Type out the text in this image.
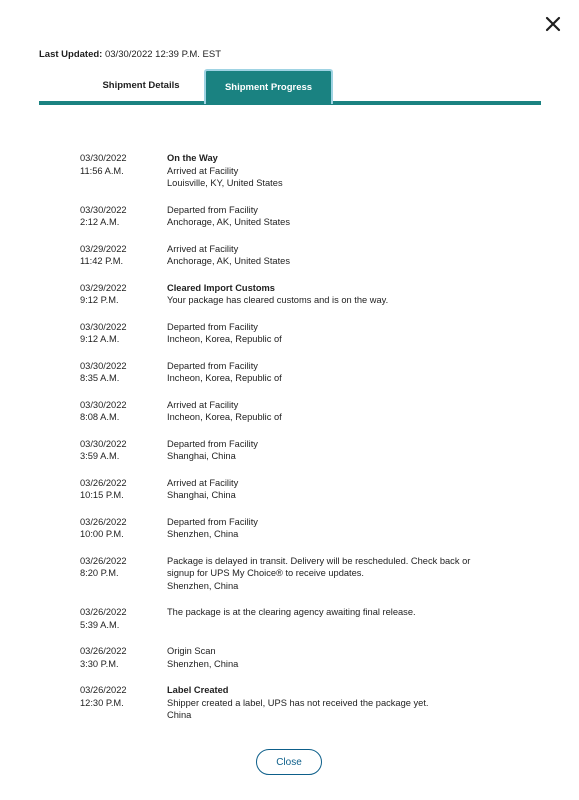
Last Updated: 03/30/2022 12:39 P.M. EST
Shipment Details	Shipment Progress
03/30/2022
11:56 A.M.
On the Way
Arrived at Facility
Louisville, KY, United States
03/30/2022
2:12 A.M.
Departed from Facility
Anchorage, AK, United States
03/29/2022
11:42 P.M.
Arrived at Facility
Anchorage, AK, United States
03/29/2022
9:12 P.M.
Cleared Import Customs
Your package has cleared customs and is on the way.
03/30/2022
9:12 A.M.
Departed from Facility
Incheon, Korea, Republic of
03/30/2022
8:35 A.M.
Departed from Facility
Incheon, Korea, Republic of
03/30/2022
8:08 A.M.
Arrived at Facility
Incheon, Korea, Republic of
03/30/2022
3:59 A.M.
Departed from Facility
Shanghai, China
03/26/2022
10:15 P.M.
Arrived at Facility
Shanghai, China
03/26/2022
10:00 P.M.
Departed from Facility
Shenzhen, China
03/26/2022
8:20 P.M.
Package is delayed in transit. Delivery will be rescheduled. Check back or signup for UPS My Choice® to receive updates.
Shenzhen, China
03/26/2022
5:39 A.M.
The package is at the clearing agency awaiting final release.
03/26/2022
3:30 P.M.
Origin Scan
Shenzhen, China
03/26/2022
12:30 P.M.
Label Created
Shipper created a label, UPS has not received the package yet.
China
Close
